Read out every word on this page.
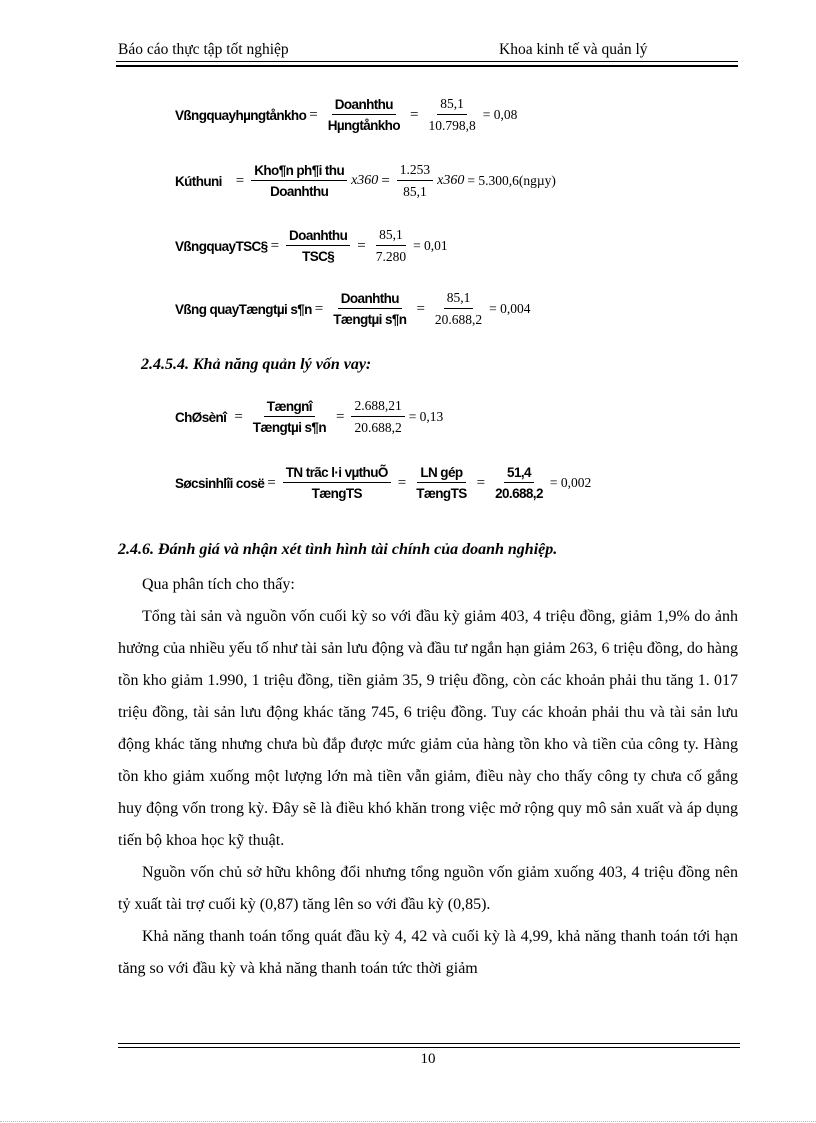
Báo cáo thực tập tốt nghiệp	Khoa kinh tế và quản lý
Vßngquayhµngtånkho = $\frac{\text{Doanhthu}}{\text{Hµngtånkho}} = \frac{85,1}{10.798,8} = 0,08$
Kúthuni = $\frac{\text{Kho¶n ph¶i thu}}{\text{Doanhthu}} x360 = \frac{1.253}{85,1} x360 = 5.300,6(ng\mu y)$
VßngquayTSC§ = $\frac{\text{Doanhthu}}{\text{TSC§}} = \frac{85,1}{7.280} = 0,01$
Vßng quayTængtµi s¶n = $\frac{\text{Doanhthu}}{\text{Tængtµi s¶n}} = \frac{85,1}{20.688,2} = 0,004$
2.4.5.4. Khả năng quản lý vốn vay:
ChØsènî = $\frac{\text{Tængnî}}{\text{Tængtµi s¶n}} = \frac{2.688,21}{20.688,2} = 0,13$
Søcsinhlîi cosë = $\frac{\text{TN trãc l·i vµthuÕ}}{\text{TængTS}} = \frac{\text{LN gép}}{\text{TængTS}} = \frac{51,4}{20.688,2} = 0,002$
2.4.6. Đánh giá và nhận xét tình hình tài chính của doanh nghiệp.

Qua phân tích cho thấy:

Tổng tài sản và nguồn vốn cuối kỳ so với đầu kỳ giảm 403, 4 triệu đồng, giảm 1,9% do ảnh hưởng của nhiều yếu tố như tài sản lưu động và đầu tư ngắn hạn giảm 263, 6 triệu đồng, do hàng tồn kho giảm 1.990, 1 triệu đồng, tiền giảm 35, 9 triệu đồng, còn các khoản phải thu tăng 1. 017 triệu đồng, tài sản lưu động khác tăng 745, 6 triệu đồng. Tuy các khoản phải thu và tài sản lưu động khác tăng nhưng chưa bù đắp được mức giảm của hàng tồn kho và tiền của công ty. Hàng tồn kho giảm xuống một lượng lớn mà tiền vẫn giảm, điều này cho thấy công ty chưa cố gắng huy động vốn trong kỳ. Đây sẽ là điều khó khăn trong việc mở rộng quy mô sản xuất và áp dụng tiến bộ khoa học kỹ thuật.

Nguồn vốn chủ sở hữu không đổi nhưng tổng nguồn vốn giảm xuống 403, 4 triệu đồng nên tỷ xuất tài trợ cuối kỳ (0,87) tăng lên so với đầu kỳ (0,85).

Khả năng thanh toán tổng quát đầu kỳ 4, 42 và cuối kỳ là 4,99, khả năng thanh toán tới hạn tăng so với đầu kỳ và khả năng thanh toán tức thời giảm

10
